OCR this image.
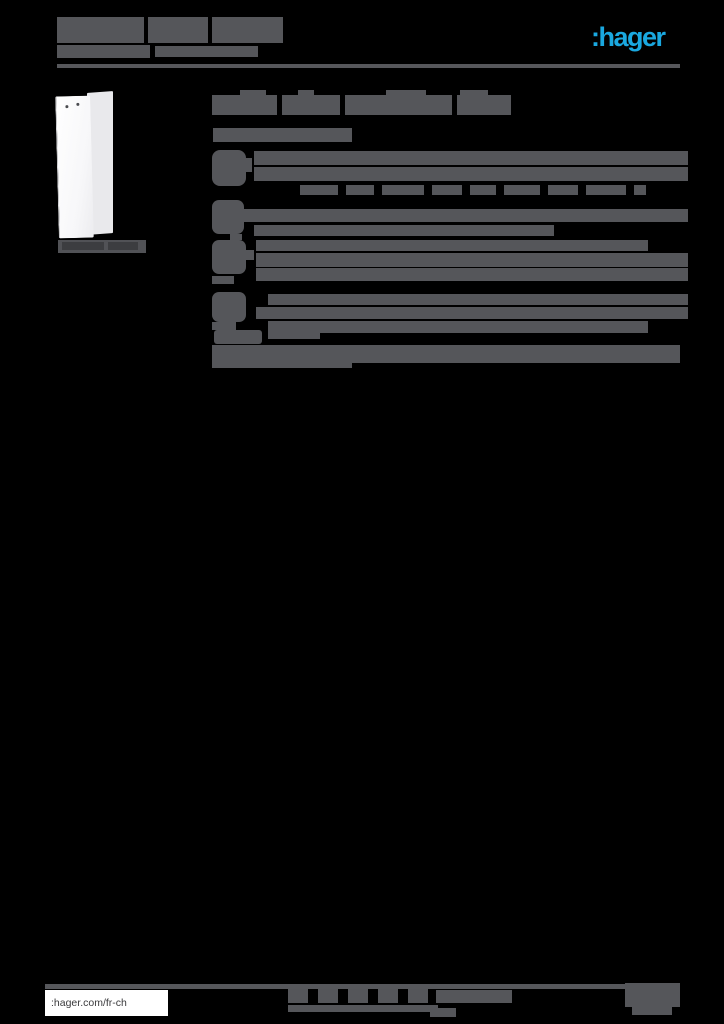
:hager
:hager.com/fr-ch
